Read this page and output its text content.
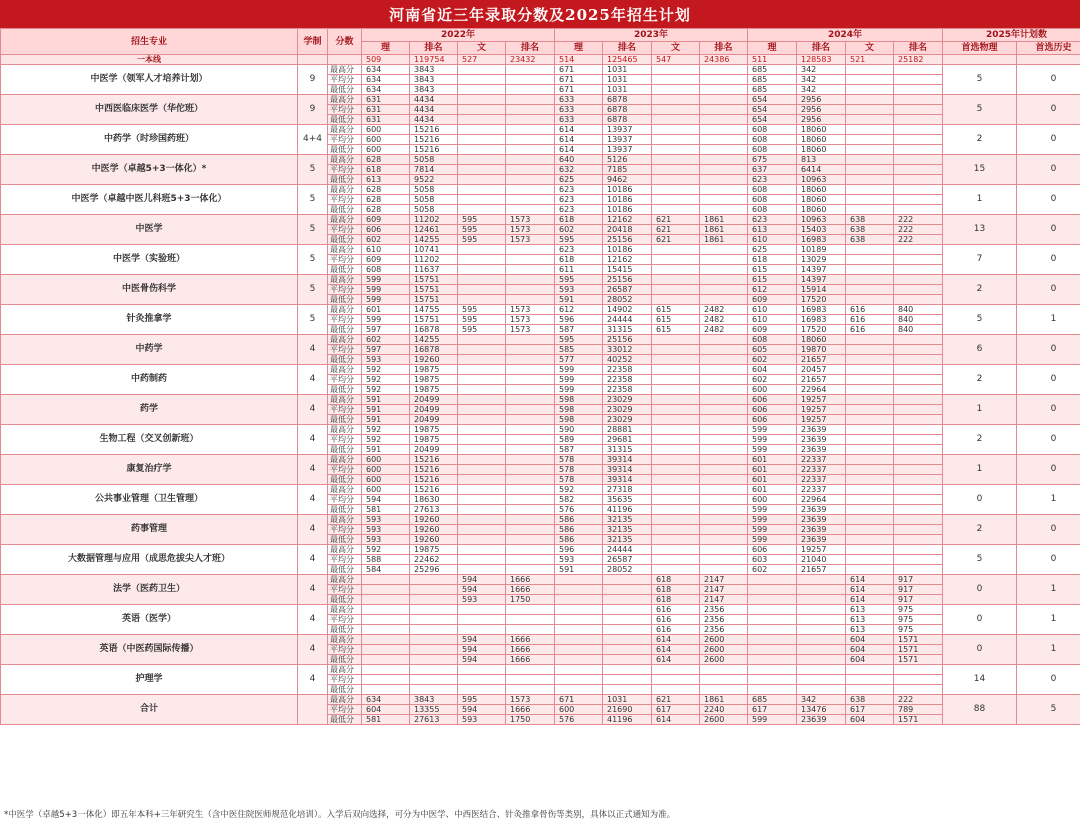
河南省近三年录取分数及2025年招生计划
招生专业	学制	分数	2022年				2023年				2024年				2025年计划数	
			理	排名	文	排名	理	排名	文	排名	理	排名	文	排名	首选物理	首选历史
一本线			509	119754	527	23432	514	125465	547	24386	511	128583	521	25182		
中医学（领军人才培养计划）	9	最高分	634	3843			671	1031			685	342			5	0
		平均分	634	3843			671	1031			685	342				
		最低分	634	3843			671	1031			685	342				
中西医临床医学（华佗班）	9	最高分	631	4434			633	6878			654	2956			5	0
		平均分	631	4434			633	6878			654	2956				
		最低分	631	4434			633	6878			654	2956				
中药学（时珍国药班）	4+4	最高分	600	15216			614	13937			608	18060			2	0
		平均分	600	15216			614	13937			608	18060				
		最低分	600	15216			614	13937			608	18060				
中医学（卓越5+3一体化）*	5	最高分	628	5058			640	5126			675	813			15	0
		平均分	618	7814			632	7185			637	6414				
		最低分	613	9522			625	9462			623	10963				
中医学（卓越中医儿科班5+3一体化）	5	最高分	628	5058			623	10186			608	18060			1	0
		平均分	628	5058			623	10186			608	18060				
		最低分	628	5058			623	10186			608	18060				
中医学	5	最高分	609	11202	595	1573	618	12162	621	1861	623	10963	638	222	13	0
		平均分	606	12461	595	1573	602	20418	621	1861	613	15403	638	222		
		最低分	602	14255	595	1573	595	25156	621	1861	610	16983	638	222		
中医学（实验班）	5	最高分	610	10741			623	10186			625	10189			7	0
		平均分	609	11202			618	12162			618	13029				
		最低分	608	11637			611	15415			615	14397				
中医骨伤科学	5	最高分	599	15751			595	25156			615	14397			2	0
		平均分	599	15751			593	26587			612	15914				
		最低分	599	15751			591	28052			609	17520				
针灸推拿学	5	最高分	601	14755	595	1573	612	14902	615	2482	610	16983	616	840	5	1
		平均分	599	15751	595	1573	596	24444	615	2482	610	16983	616	840		
		最低分	597	16878	595	1573	587	31315	615	2482	609	17520	616	840		
中药学	4	最高分	602	14255			595	25156			608	18060			6	0
		平均分	597	16878			585	33012			605	19870				
		最低分	593	19260			577	40252			602	21657				
中药制药	4	最高分	592	19875			599	22358			604	20457			2	0
		平均分	592	19875			599	22358			602	21657				
		最低分	592	19875			599	22358			600	22964				
药学	4	最高分	591	20499			598	23029			606	19257			1	0
		平均分	591	20499			598	23029			606	19257				
		最低分	591	20499			598	23029			606	19257				
生物工程（交叉创新班）	4	最高分	592	19875			590	28881			599	23639			2	0
		平均分	592	19875			589	29681			599	23639				
		最低分	591	20499			587	31315			599	23639				
康复治疗学	4	最高分	600	15216			578	39314			601	22337			1	0
		平均分	600	15216			578	39314			601	22337				
		最低分	600	15216			578	39314			601	22337				
公共事业管理（卫生管理）	4	最高分	600	15216			592	27318			601	22337			0	1
		平均分	594	18630			582	35635			600	22964				
		最低分	581	27613			576	41196			599	23639				
药事管理	4	最高分	593	19260			586	32135			599	23639			2	0
		平均分	593	19260			586	32135			599	23639				
		最低分	593	19260			586	32135			599	23639				
大数据管理与应用（成思危拔尖人才班）	4	最高分	592	19875			596	24444			606	19257			5	0
		平均分	588	22462			593	26587			603	21040				
		最低分	584	25296			591	28052			602	21657				
法学（医药卫生）	4	最高分			594	1666			618	2147			614	917	0	1
		平均分			594	1666			618	2147			614	917		
		最低分			593	1750			618	2147			614	917		
英语（医学）	4	最高分							616	2356			613	975	0	1
		平均分							616	2356			613	975		
		最低分							616	2356			613	975		
英语（中医药国际传播）	4	最高分			594	1666			614	2600			604	1571	0	1
		平均分			594	1666			614	2600			604	1571		
		最低分			594	1666			614	2600			604	1571		
护理学	4	最高分													14	0
		平均分														
		最低分														
合计		最高分	634	3843	595	1573	671	1031	621	1861	685	342	638	222	88	5
		平均分	604	13355	594	1666	600	21690	617	2240	617	13476	617	789		
		最低分	581	27613	593	1750	576	41196	614	2600	599	23639	604	1571		
*中医学（卓越5+3一体化）即五年本科+三年研究生（含中医住院医师规范化培训）。入学后双向选择，可分为中医学、中西医结合、针灸推拿骨伤等类别，具体以正式通知为准。
